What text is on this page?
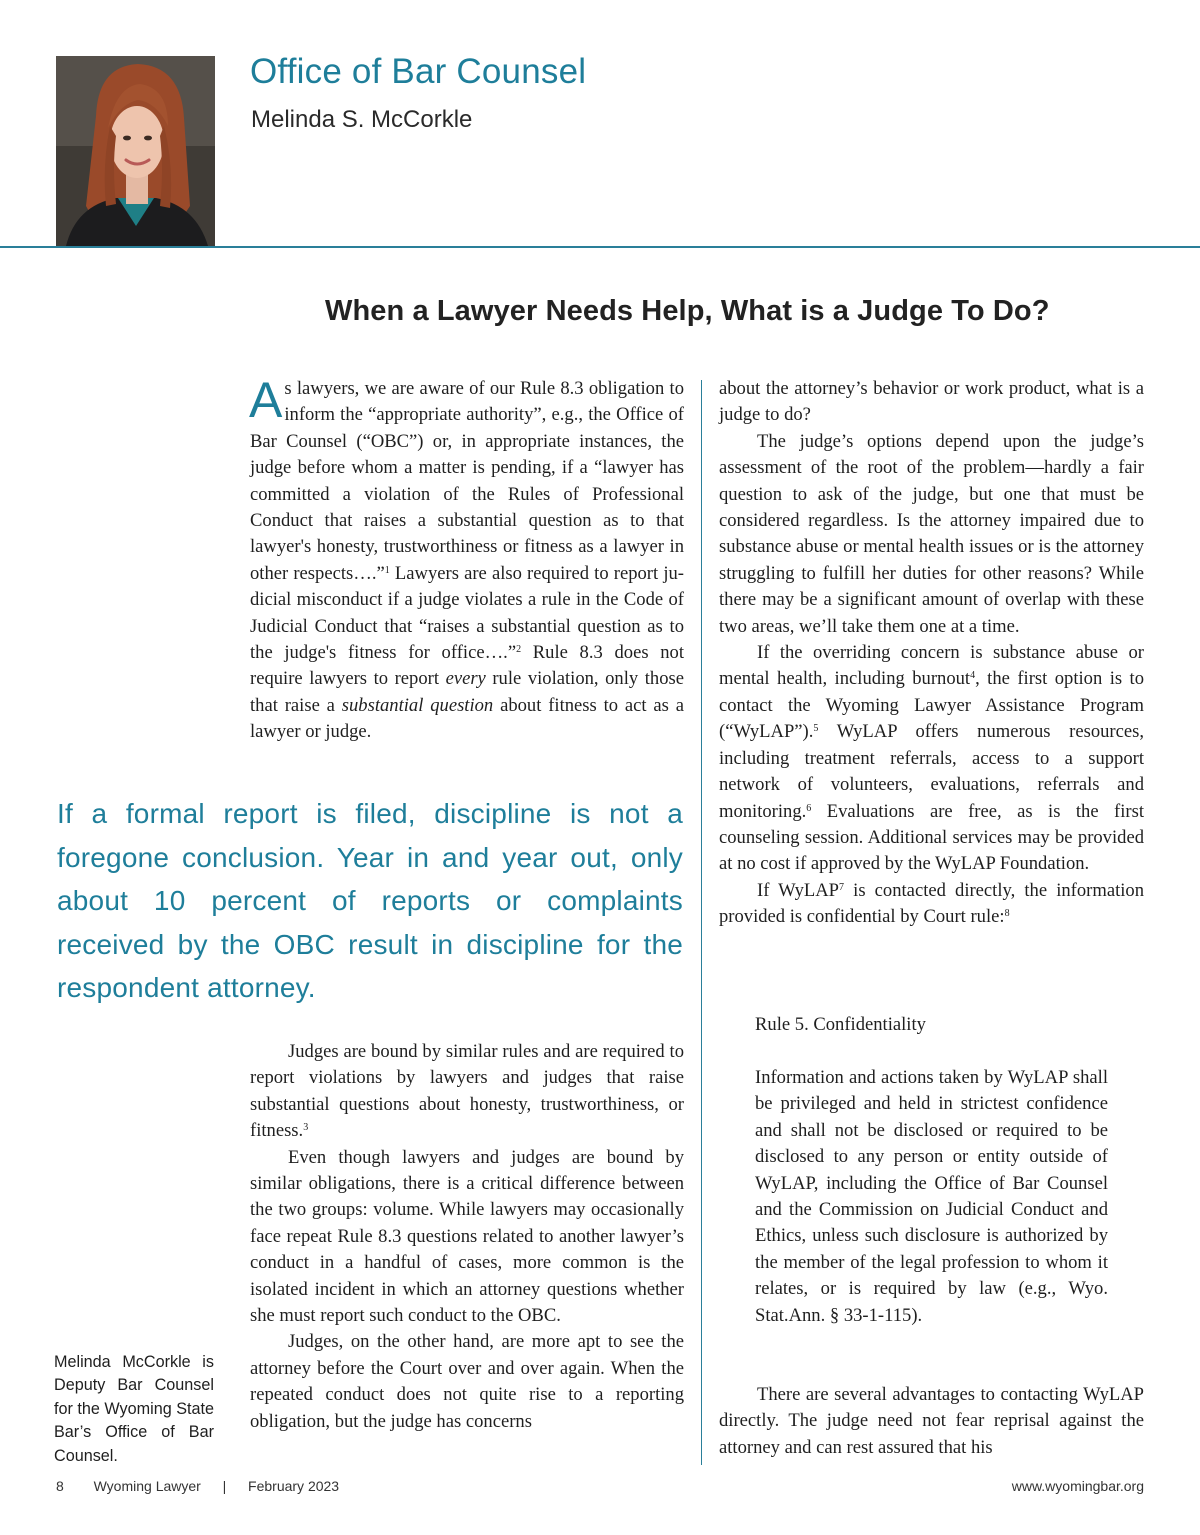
Office of Bar Counsel
Melinda S. McCorkle
When a Lawyer Needs Help, What is a Judge To Do?

As lawyers, we are aware of our Rule 8.3 obligation to inform the “appropriate authority”, e.g., the Office of Bar Counsel (“OBC”) or, in appropriate instances, the judge before whom a matter is pending, if a “lawyer has committed a violation of the Rules of Professional Conduct that raises a substantial question as to that lawyer's honesty, trustworthiness or fitness as a lawyer in other respects….”$^1$ Lawyers are also required to report judicial misconduct if a judge violates a rule in the Code of Judicial Conduct that “raises a substantial question as to the judge's fitness for office….”$^2$ Rule 8.3 does not require lawyers to report every rule violation, only those that raise a substantial question about fitness to act as a lawyer or judge.

If a formal report is filed, discipline is not a foregone conclusion. Year in and year out, only about 10 percent of reports or complaints received by the OBC result in discipline for the respondent attorney.

Judges are bound by similar rules and are required to report violations by lawyers and judges that raise substantial questions about honesty, trustworthiness, or fitness.$^3$

Even though lawyers and judges are bound by similar obligations, there is a critical difference between the two groups: volume. While lawyers may occasionally face repeat Rule 8.3 questions related to another lawyer’s conduct in a handful of cases, more common is the isolated incident in which an attorney questions whether she must report such conduct to the OBC.

Judges, on the other hand, are more apt to see the attorney before the Court over and over again. When the repeated conduct does not quite rise to a reporting obligation, but the judge has concerns

about the attorney’s behavior or work product, what is a judge to do?

The judge’s options depend upon the judge’s assessment of the root of the problem—hardly a fair question to ask of the judge, but one that must be considered regardless. Is the attorney impaired due to substance abuse or mental health issues or is the attorney struggling to fulfill her duties for other reasons? While there may be a significant amount of overlap with these two areas, we’ll take them one at a time.

If the overriding concern is substance abuse or mental health, including burnout$^4$, the first option is to contact the Wyoming Lawyer Assistance Program (“WyLAP”).$^5$ WyLAP offers numerous resources, including treatment referrals, access to a support network of volunteers, evaluations, referrals and monitoring.$^6$ Evaluations are free, as is the first counseling session. Additional services may be provided at no cost if approved by the WyLAP Foundation.

If WyLAP$^7$ is contacted directly, the information provided is confidential by Court rule:$^8$

Rule 5. Confidentiality
Information and actions taken by WyLAP shall be privileged and held in strictest confidence and shall not be disclosed or required to be disclosed to any person or entity outside of WyLAP, including the Office of Bar Counsel and the Commission on Judicial Conduct and Ethics, unless such disclosure is authorized by the member of the legal profession to whom it relates, or is required by law (e.g., Wyo. Stat.Ann. § 33-1-115).

There are several advantages to contacting WyLAP directly. The judge need not fear reprisal against the attorney and can rest assured that his

Melinda McCorkle is Deputy Bar Counsel for the Wyoming State Bar’s Office of Bar Counsel.
8 Wyoming Lawyer | February 2023	www.wyomingbar.org
